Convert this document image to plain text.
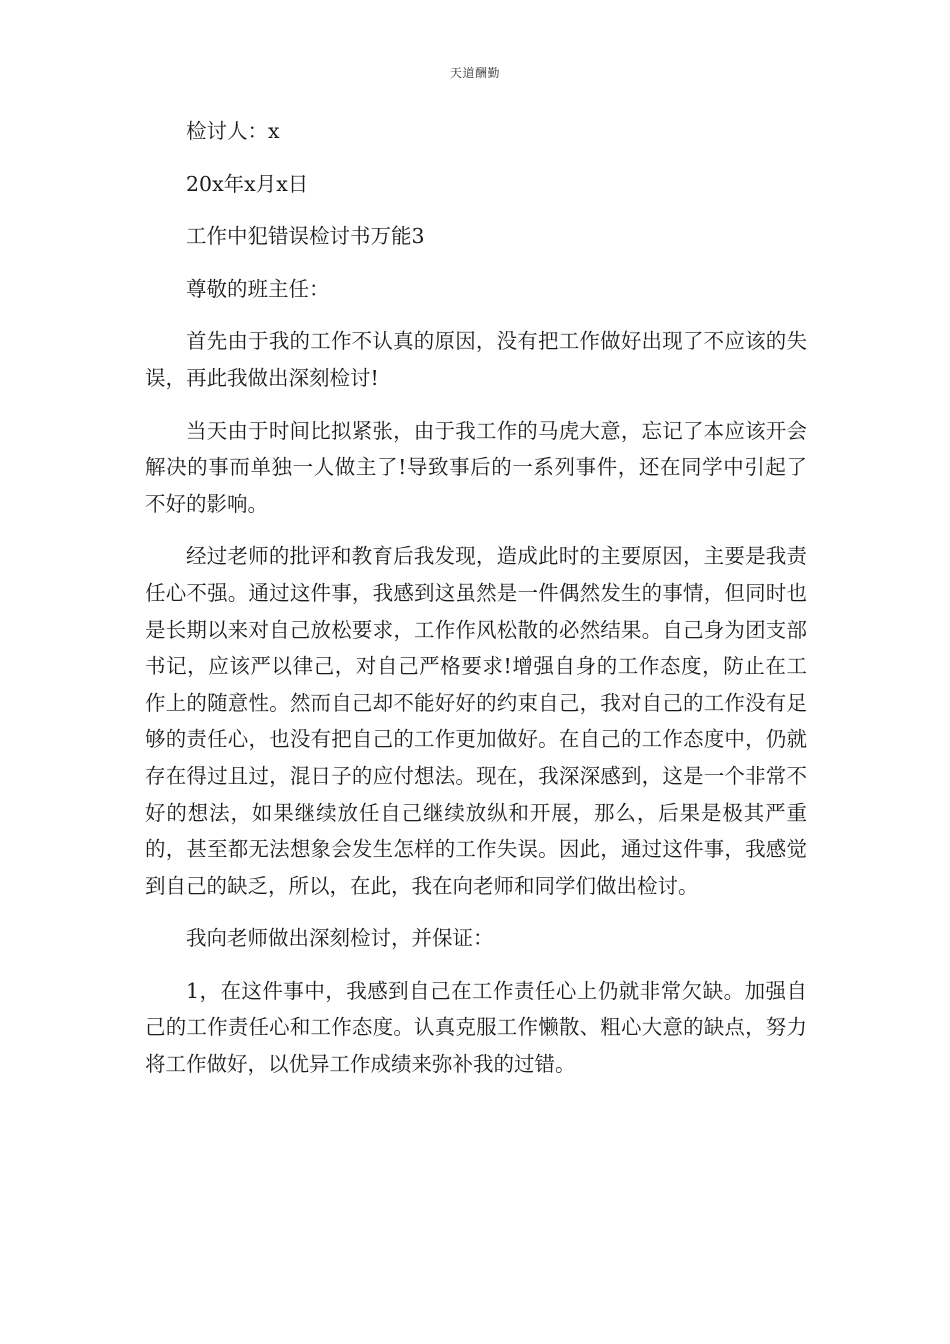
天道酬勤

检讨人：x

20x年x月x日

工作中犯错误检讨书万能3

尊敬的班主任：

首先由于我的工作不认真的原因，没有把工作做好出现了不应该的失误，再此我做出深刻检讨!

当天由于时间比拟紧张，由于我工作的马虎大意，忘记了本应该开会解决的事而单独一人做主了!导致事后的一系列事件，还在同学中引起了不好的影响。

经过老师的批评和教育后我发现，造成此时的主要原因，主要是我责任心不强。通过这件事，我感到这虽然是一件偶然发生的事情，但同时也是长期以来对自己放松要求，工作作风松散的必然结果。自己身为团支部书记，应该严以律己，对自己严格要求!增强自身的工作态度，防止在工作上的随意性。然而自己却不能好好的约束自己，我对自己的工作没有足够的责任心，也没有把自己的工作更加做好。在自己的工作态度中，仍就存在得过且过，混日子的应付想法。现在，我深深感到，这是一个非常不好的想法，如果继续放任自己继续放纵和开展，那么，后果是极其严重的，甚至都无法想象会发生怎样的工作失误。因此，通过这件事，我感觉到自己的缺乏，所以，在此，我在向老师和同学们做出检讨。

我向老师做出深刻检讨，并保证：

1，在这件事中，我感到自己在工作责任心上仍就非常欠缺。加强自己的工作责任心和工作态度。认真克服工作懒散、粗心大意的缺点，努力将工作做好，以优异工作成绩来弥补我的过错。
